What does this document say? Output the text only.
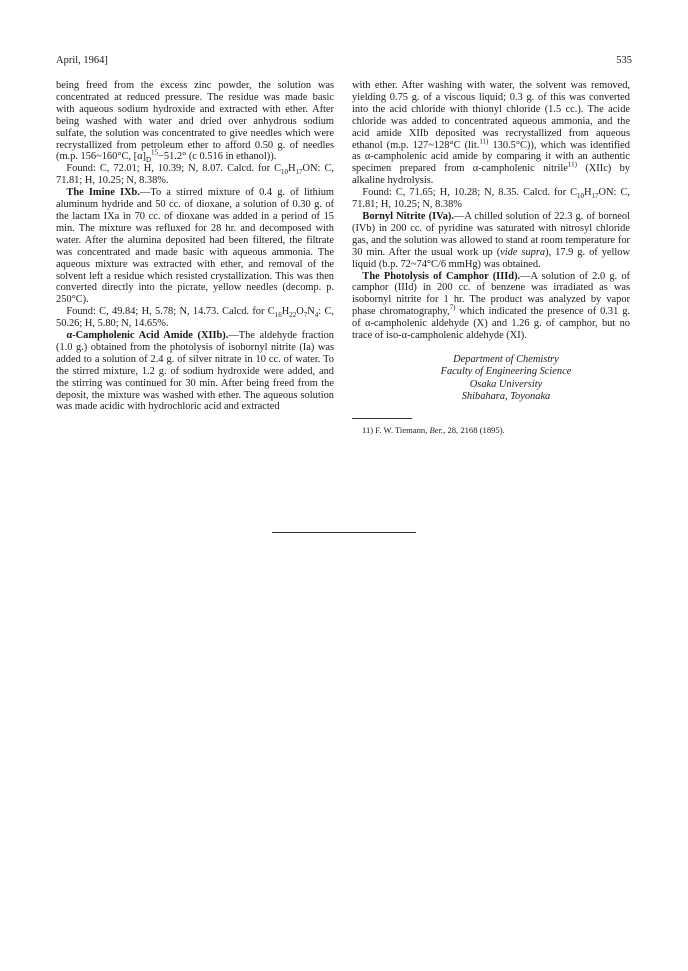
April, 1964]	535

being freed from the excess zinc powder, the solution was concentrated at reduced pressure. The residue was made basic with aqueous sodium hydroxide and extracted with ether. After being washed with water and dried over anhydrous sodium sulfate, the solution was concentrated to give needles which were recrystallized from petroleum ether to afford 0.50 g. of needles (m.p. 156~160°C, $[\alpha]_D^{15}-51.2^\circ$ (c 0.516 in ethanol)).

Found: C, 72.01; H, 10.39; N, 8.07. Calcd. for $C_{10}H_{17}ON$: C, 71.81; H, 10.25; N, 8.38%.

The Imine IXb.—To a stirred mixture of 0.4 g. of lithium aluminum hydride and 50 cc. of dioxane, a solution of 0.30 g. of the lactam IXa in 70 cc. of dioxane was added in a period of 15 min. The mixture was refluxed for 28 hr. and decomposed with water. After the alumina deposited had been filtered, the filtrate was concentrated and made basic with aqueous ammonia. The aqueous mixture was extracted with ether, and removal of the solvent left a residue which resisted crystallization. This was then converted directly into the picrate, yellow needles (decomp. p. 250°C).

Found: C, 49.84; H, 5.78; N, 14.73. Calcd. for $C_{16}H_{22}O_7N_4$: C, 50.26; H, 5.80; N, 14.65%.

α-Campholenic Acid Amide (XIIb).—The aldehyde fraction (1.0 g.) obtained from the photolysis of isobornyl nitrite (Ia) was added to a solution of 2.4 g. of silver nitrate in 10 cc. of water. To the stirred mixture, 1.2 g. of sodium hydroxide were added, and the stirring was continued for 30 min. After being freed from the deposit, the mixture was washed with ether. The aqueous solution was made acidic with hydrochloric acid and extracted

with ether. After washing with water, the solvent was removed, yielding 0.75 g. of a viscous liquid; 0.3 g. of this was converted into the acid chloride with thionyl chloride (1.5 cc.). The acide chloride was added to concentrated aqueous ammonia, and the acid amide XIIb deposited was recrystallized from aqueous ethanol (m.p. 127~128°C (lit.$^{11)}$ 130.5°C)), which was identified as α-campholenic acid amide by comparing it with an authentic specimen prepared from α-campholenic nitrile$^{11)}$ (XIIc) by alkaline hydrolysis.

Found: C, 71.65; H, 10.28; N, 8.35. Calcd. for $C_{10}H_{17}ON$: C, 71.81; H, 10.25; N, 8.38%

Bornyl Nitrite (IVa).—A chilled solution of 22.3 g. of borneol (IVb) in 200 cc. of pyridine was saturated with nitrosyl chloride gas, and the solution was allowed to stand at room temperature for 30 min. After the usual work up (vide supra), 17.9 g. of yellow liquid (b.p. 72~74°C/6 mmHg) was obtained.

The Photolysis of Camphor (IIId).—A solution of 2.0 g. of camphor (IIId) in 200 cc. of benzene was irradiated as was isobornyl nitrite for 1 hr. The product was analyzed by vapor phase chromatography,$^{7)}$ which indicated the presence of 0.31 g. of α-campholenic aldehyde (X) and 1.26 g. of camphor, but no trace of iso-α-campholenic aldehyde (XI).

Department of Chemistry
Faculty of Engineering Science
Osaka University
Shibahara, Toyonaka
11) F. W. Tiemann, Ber., 28, 2168 (1895).
